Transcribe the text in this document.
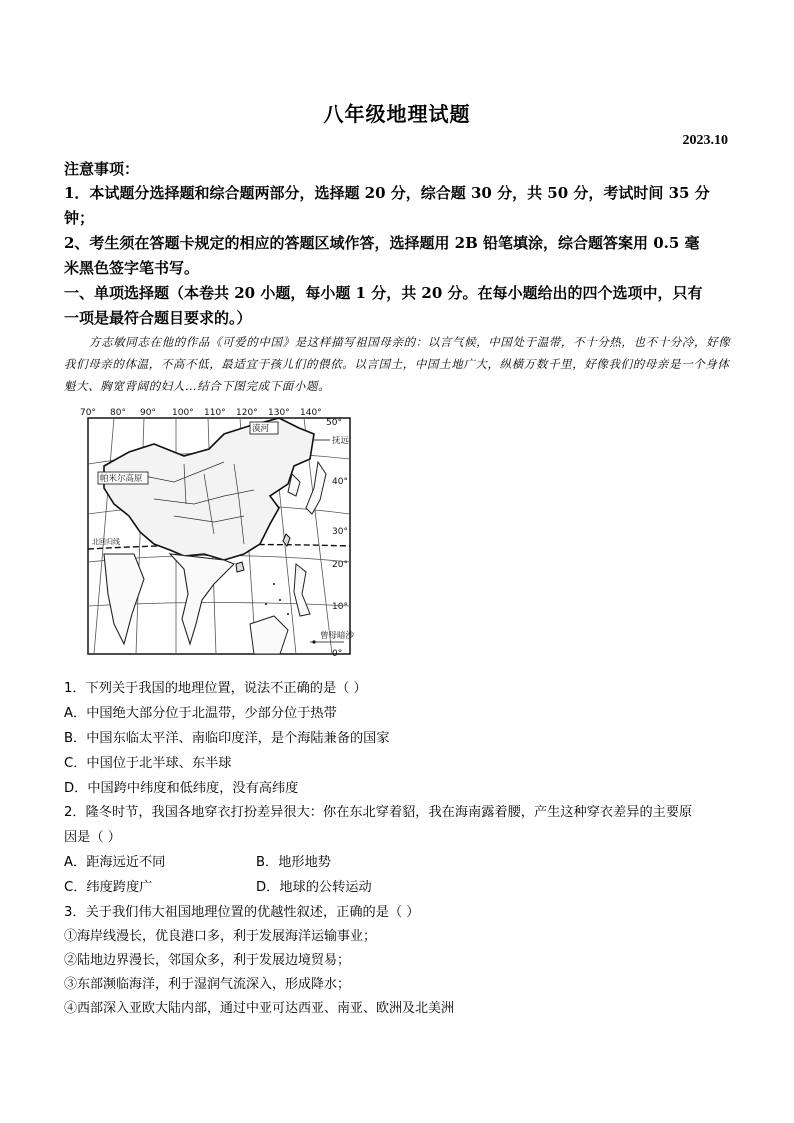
八年级地理试题
2023.10
注意事项：
1．本试题分选择题和综合题两部分，选择题 20 分，综合题 30 分，共 50 分，考试时间 35 分
钟；
2、考生须在答题卡规定的相应的答题区域作答，选择题用 2B 铅笔填涂，综合题答案用 0.5 毫
米黑色签字笔书写。
一、单项选择题（本卷共 20 小题，每小题 1 分，共 20 分。在每小题给出的四个选项中，只有
一项是最符合题目要求的。）
方志敏同志在他的作品《可爱的中国》是这样描写祖国母亲的：以言气候，中国处于温带，不十分热，也不十分冷，好像我们母亲的体温，不高不低，最适宜于孩儿们的偎依。以言国土，中国土地广大，纵横万数千里，好像我们的母亲是一个身体魁大、胸宽背阔的妇人…结合下图完成下面小题。
70° 80° 90° 100° 110° 120° 130° 140°
50°
40°
30°
20°
10°
0°
漠河
抚远
帕米尔高原
北回归线
曾母暗沙
1．下列关于我国的地理位置，说法不正确的是（ ）
A．中国绝大部分位于北温带，少部分位于热带
B．中国东临太平洋、南临印度洋，是个海陆兼备的国家
C．中国位于北半球、东半球
D．中国跨中纬度和低纬度，没有高纬度
2．隆冬时节，我国各地穿衣打扮差异很大：你在东北穿着貂，我在海南露着腰，产生这种穿衣差异的主要原
因是（ ）
A．距海远近不同	B．地形地势
C．纬度跨度广	D．地球的公转运动
3．关于我们伟大祖国地理位置的优越性叙述，正确的是（ ）
①海岸线漫长，优良港口多，利于发展海洋运输事业；
②陆地边界漫长，邻国众多，利于发展边境贸易；
③东部濒临海洋，利于湿润气流深入，形成降水；
④西部深入亚欧大陆内部，通过中亚可达西亚、南亚、欧洲及北美洲
